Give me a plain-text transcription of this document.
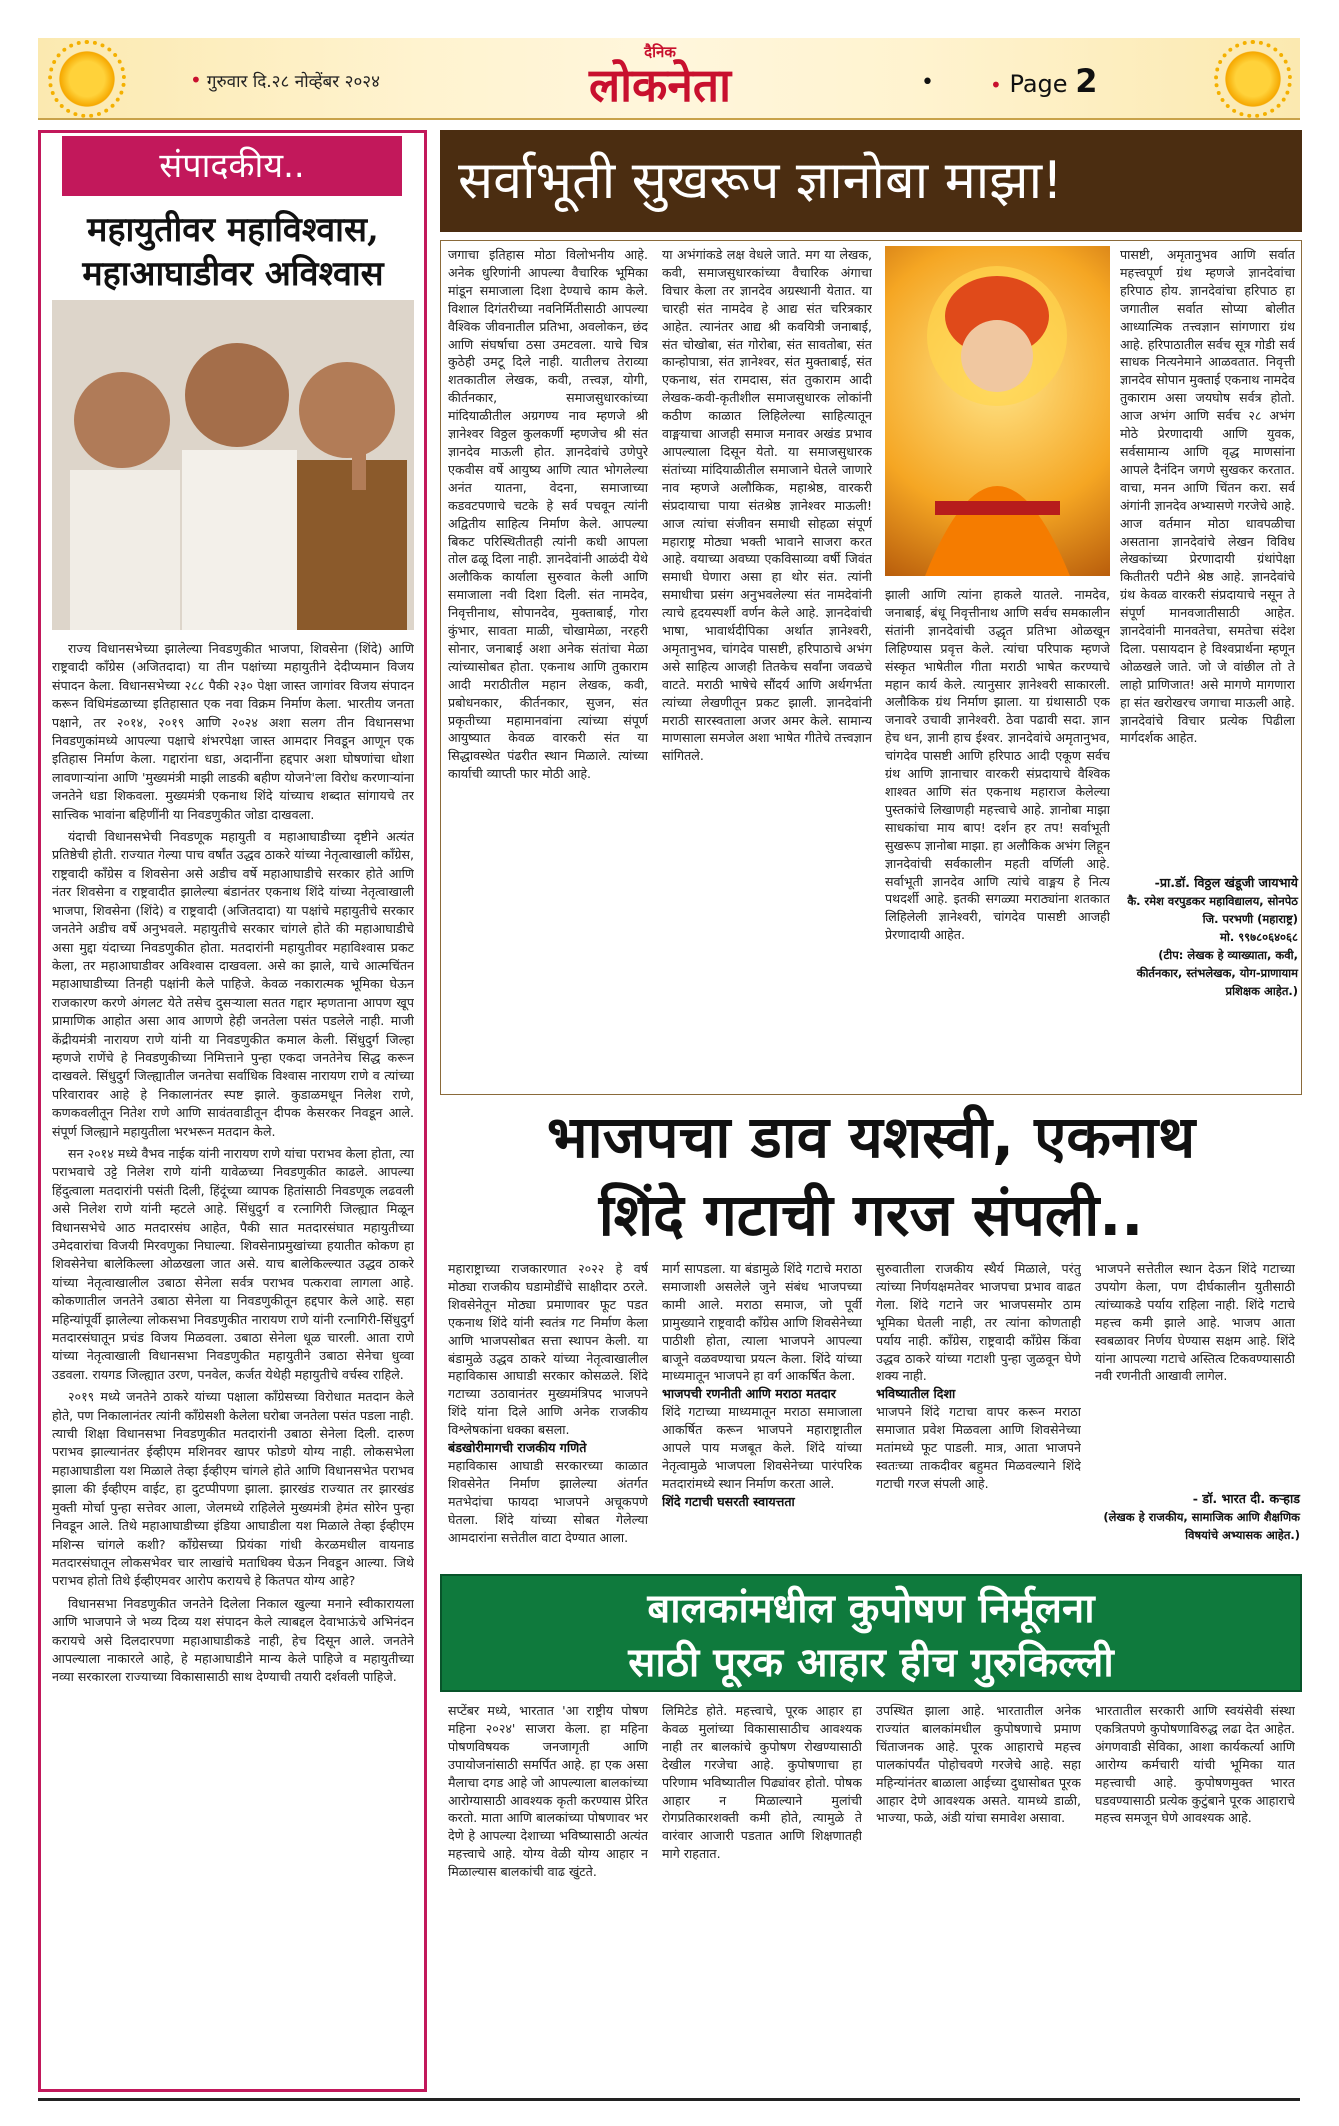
• गुरुवार दि.२८ नोव्हेंबर २०२४
दैनिक
लोकनेता	•	• Page 2
संपादकीय..
महायुतीवर महाविश्वास,
महाआघाडीवर अविश्वास

राज्य विधानसभेच्या झालेल्या निवडणुकीत भाजपा, शिवसेना (शिंदे) आणि राष्ट्रवादी काँग्रेस (अजितदादा) या तीन पक्षांच्या महायुतीने देदीप्यमान विजय संपादन केला. विधानसभेच्या २८८ पैकी २३० पेक्षा जास्त जागांवर विजय संपादन करून विधिमंडळाच्या इतिहासात एक नवा विक्रम निर्माण केला. भारतीय जनता पक्षाने, तर २०१४, २०१९ आणि २०२४ अशा सलग तीन विधानसभा निवडणुकांमध्ये आपल्या पक्षाचे शंभरपेक्षा जास्त आमदार निवडून आणून एक इतिहास निर्माण केला. गद्दारांना धडा, अदानींना हद्दपार अशा घोषणांचा धोशा लावणाऱ्यांना आणि 'मुख्यमंत्री माझी लाडकी बहीण योजने'ला विरोध करणाऱ्यांना जनतेने धडा शिकवला. मुख्यमंत्री एकनाथ शिंदे यांच्याच शब्दात सांगायचे तर सात्त्विक भावांना बहिणींनी या निवडणुकीत जोडा दाखवला.

यंदाची विधानसभेची निवडणूक महायुती व महाआघाडीच्या दृष्टीने अत्यंत प्रतिष्ठेची होती. राज्यात गेल्या पाच वर्षांत उद्धव ठाकरे यांच्या नेतृत्वाखाली काँग्रेस, राष्ट्रवादी काँग्रेस व शिवसेना असे अडीच वर्षे महाआघाडीचे सरकार होते आणि नंतर शिवसेना व राष्ट्रवादीत झालेल्या बंडानंतर एकनाथ शिंदे यांच्या नेतृत्वाखाली भाजपा, शिवसेना (शिंदे) व राष्ट्रवादी (अजितदादा) या पक्षांचे महायुतीचे सरकार जनतेने अडीच वर्षे अनुभवले. महायुतीचे सरकार चांगले होते की महाआघाडीचे असा मुद्दा यंदाच्या निवडणुकीत होता. मतदारांनी महायुतीवर महाविश्वास प्रकट केला, तर महाआघाडीवर अविश्वास दाखवला. असे का झाले, याचे आत्मचिंतन महाआघाडीच्या तिनही पक्षांनी केले पाहिजे. केवळ नकारात्मक भूमिका घेऊन राजकारण करणे अंगलट येते तसेच दुसऱ्याला सतत गद्दार म्हणताना आपण खूप प्रामाणिक आहोत असा आव आणणे हेही जनतेला पसंत पडलेले नाही. माजी केंद्रीयमंत्री नारायण राणे यांनी या निवडणुकीत कमाल केली. सिंधुदुर्ग जिल्हा म्हणजे राणेंचे हे निवडणुकीच्या निमित्ताने पुन्हा एकदा जनतेनेच सिद्ध करून दाखवले. सिंधुदुर्ग जिल्ह्यातील जनतेचा सर्वाधिक विश्वास नारायण राणे व त्यांच्या परिवारावर आहे हे निकालानंतर स्पष्ट झाले. कुडाळमधून निलेश राणे, कणकवलीतून नितेश राणे आणि सावंतवाडीतून दीपक केसरकर निवडून आले. संपूर्ण जिल्ह्याने महायुतीला भरभरून मतदान केले.

सन २०१४ मध्ये वैभव नाईक यांनी नारायण राणे यांचा पराभव केला होता, त्या पराभवाचे उट्टे निलेश राणे यांनी यावेळच्या निवडणुकीत काढले. आपल्या हिंदुत्वाला मतदारांनी पसंती दिली, हिंदूंच्या व्यापक हितांसाठी निवडणूक लढवली असे निलेश राणे यांनी म्हटले आहे. सिंधुदुर्ग व रत्नागिरी जिल्ह्यात मिळून विधानसभेचे आठ मतदारसंघ आहेत, पैकी सात मतदारसंघात महायुतीच्या उमेदवारांचा विजयी मिरवणुका निघाल्या. शिवसेनाप्रमुखांच्या हयातीत कोकण हा शिवसेनेचा बालेकिल्ला ओळखला जात असे. याच बालेकिल्ल्यात उद्धव ठाकरे यांच्या नेतृत्वाखालील उबाठा सेनेला सर्वत्र पराभव पत्करावा लागला आहे. कोकणातील जनतेने उबाठा सेनेला या निवडणुकीतून हद्दपार केले आहे. सहा महिन्यांपूर्वी झालेल्या लोकसभा निवडणुकीत नारायण राणे यांनी रत्नागिरी-सिंधुदुर्ग मतदारसंघातून प्रचंड विजय मिळवला. उबाठा सेनेला धूळ चारली. आता राणे यांच्या नेतृत्वाखाली विधानसभा निवडणुकीत महायुतीने उबाठा सेनेचा धुव्वा उडवला. रायगड जिल्ह्यात उरण, पनवेल, कर्जत येथेही महायुतीचे वर्चस्व राहिले.

२०१९ मध्ये जनतेने ठाकरे यांच्या पक्षाला काँग्रेसच्या विरोधात मतदान केले होते, पण निकालानंतर त्यांनी काँग्रेसशी केलेला घरोबा जनतेला पसंत पडला नाही. त्याची शिक्षा विधानसभा निवडणुकीत मतदारांनी उबाठा सेनेला दिली. दारुण पराभव झाल्यानंतर ईव्हीएम मशिनवर खापर फोडणे योग्य नाही. लोकसभेला महाआघाडीला यश मिळाले तेव्हा ईव्हीएम चांगले होते आणि विधानसभेत पराभव झाला की ईव्हीएम वाईट, हा दुटप्पीपणा झाला. झारखंड राज्यात तर झारखंड मुक्ती मोर्चा पुन्हा सत्तेवर आला, जेलमध्ये राहिलेले मुख्यमंत्री हेमंत सोरेन पुन्हा निवडून आले. तिथे महाआघाडीच्या इंडिया आघाडीला यश मिळाले तेव्हा ईव्हीएम मशिन्स चांगले कशी? काँग्रेसच्या प्रियंका गांधी केरळमधील वायनाड मतदारसंघातून लोकसभेवर चार लाखांचे मताधिक्य घेऊन निवडून आल्या. जिथे पराभव होतो तिथे ईव्हीएमवर आरोप करायचे हे कितपत योग्य आहे?

विधानसभा निवडणुकीत जनतेने दिलेला निकाल खुल्या मनाने स्वीकारायला आणि भाजपाने जे भव्य दिव्य यश संपादन केले त्याबद्दल देवाभाऊंचे अभिनंदन करायचे असे दिलदारपणा महाआघाडीकडे नाही, हेच दिसून आले. जनतेने आपल्याला नाकारले आहे, हे महाआघाडीने मान्य केले पाहिजे व महायुतीच्या नव्या सरकारला राज्याच्या विकासासाठी साथ देण्याची तयारी दर्शवली पाहिजे.

सर्वाभूती सुखरूप ज्ञानोबा माझा!
जगाचा इतिहास मोठा विलोभनीय आहे. अनेक धुरिणांनी आपल्या वैचारिक भूमिका मांडून समाजाला दिशा देण्याचे काम केले. विशाल दिगंतरीच्या नवनिर्मितीसाठी आपल्या वैश्विक जीवनातील प्रतिभा, अवलोकन, छंद आणि संघर्षाचा ठसा उमटवला. याचे चित्र कुठेही उमटू दिले नाही. यातीलच तेराव्या शतकातील लेखक, कवी, तत्त्वज्ञ, योगी, कीर्तनकार, समाजसुधारकांच्या मांदियाळीतील अग्रगण्य नाव म्हणजे श्री ज्ञानेश्वर विठ्ठल कुलकर्णी म्हणजेच श्री संत ज्ञानदेव माऊली होत. ज्ञानदेवांचे उणेपुरे एकवीस वर्षे आयुष्य आणि त्यात भोगलेल्या अनंत यातना, वेदना, समाजाच्या कडवटपणाचे चटके हे सर्व पचवून त्यांनी अद्वितीय साहित्य निर्माण केले. आपल्या बिकट परिस्थितीतही त्यांनी कधी आपला तोल ढळू दिला नाही. ज्ञानदेवांनी आळंदी येथे अलौकिक कार्याला सुरुवात केली आणि समाजाला नवी दिशा दिली. संत नामदेव, निवृत्तीनाथ, सोपानदेव, मुक्ताबाई, गोरा कुंभार, सावता माळी, चोखामेळा, नरहरी सोनार, जनाबाई अशा अनेक संतांचा मेळा त्यांच्यासोबत होता. एकनाथ आणि तुकाराम आदी मराठीतील महान लेखक, कवी, प्रबोधनकार, कीर्तनकार, सुजन, संत प्रकृतीच्या महामानवांना त्यांच्या संपूर्ण आयुष्यात केवळ वारकरी संत या सिद्धावस्थेत पंढरीत स्थान मिळाले. त्यांच्या कार्याची व्याप्ती फार मोठी आहे.
या अभंगांकडे लक्ष वेधले जाते. मग या लेखक, कवी, समाजसुधारकांच्या वैचारिक अंगाचा विचार केला तर ज्ञानदेव अग्रस्थानी येतात. या चारही संत नामदेव हे आद्य संत चरित्रकार आहेत. त्यानंतर आद्य श्री कवयित्री जनाबाई, संत चोखोबा, संत गोरोबा, संत सावतोबा, संत कान्होपात्रा, संत ज्ञानेश्वर, संत मुक्ताबाई, संत एकनाथ, संत रामदास, संत तुकाराम आदी लेखक-कवी-कृतीशील समाजसुधारक लोकांनी कठीण काळात लिहिलेल्या साहित्यातून वाङ्मयाचा आजही समाज मनावर अखंड प्रभाव आपल्याला दिसून येतो. या समाजसुधारक संतांच्या मांदियाळीतील समाजाने घेतले जाणारे नाव म्हणजे अलौकिक, महाश्रेष्ठ, वारकरी संप्रदायाचा पाया संतश्रेष्ठ ज्ञानेश्वर माऊली! आज त्यांचा संजीवन समाधी सोहळा संपूर्ण महाराष्ट्र मोठ्या भक्ती भावाने साजरा करत आहे. वयाच्या अवघ्या एकविसाव्या वर्षी जिवंत समाधी घेणारा असा हा थोर संत. त्यांनी समाधीचा प्रसंग अनुभवलेल्या संत नामदेवांनी त्याचे हृदयस्पर्शी वर्णन केले आहे. ज्ञानदेवांची भाषा, भावार्थदीपिका अर्थात ज्ञानेश्वरी, अमृतानुभव, चांगदेव पासष्टी, हरिपाठाचे अभंग असे साहित्य आजही तितकेच सर्वांना जवळचे वाटते. मराठी भाषेचे सौंदर्य आणि अर्थगर्भता त्यांच्या लेखणीतून प्रकट झाली. ज्ञानदेवांनी मराठी सारस्वताला अजर अमर केले. सामान्य माणसाला समजेल अशा भाषेत गीतेचे तत्त्वज्ञान सांगितले.
झाली आणि त्यांना हाकले यातले. नामदेव, जनाबाई, बंधू निवृत्तीनाथ आणि सर्वच समकालीन संतांनी ज्ञानदेवांची उद्धृत प्रतिभा ओळखून लिहिण्यास प्रवृत्त केले. त्यांचा परिपाक म्हणजे संस्कृत भाषेतील गीता मराठी भाषेत करण्याचे महान कार्य केले. त्यानुसार ज्ञानेश्वरी साकारली. अलौकिक ग्रंथ निर्माण झाला. या ग्रंथासाठी एक जनावरे उचावी ज्ञानेश्वरी. ठेवा पढावी सदा. ज्ञान हेच धन, ज्ञानी हाच ईश्वर. ज्ञानदेवांचे अमृतानुभव, चांगदेव पासष्टी आणि हरिपाठ आदी एकूण सर्वच ग्रंथ आणि ज्ञानाचार वारकरी संप्रदायाचे वैश्विक शाश्वत आणि संत एकनाथ महाराज केलेल्या पुस्तकांचे लिखाणही महत्त्वाचे आहे. ज्ञानोबा माझा साधकांचा माय बाप! दर्शन हर तप! सर्वाभूती सुखरूप ज्ञानोबा माझा. हा अलौकिक अभंग लिहून ज्ञानदेवांची सर्वकालीन महती वर्णिली आहे. सर्वाभूती ज्ञानदेव आणि त्यांचे वाङ्मय हे नित्य पथदर्शी आहे. इतकी सगळ्या मराठ्यांना शतकात लिहिलेली ज्ञानेश्वरी, चांगदेव पासष्टी आजही प्रेरणादायी आहेत.
पासष्टी, अमृतानुभव आणि सर्वात महत्त्वपूर्ण ग्रंथ म्हणजे ज्ञानदेवांचा हरिपाठ होय. ज्ञानदेवांचा हरिपाठ हा जगातील सर्वात सोप्या बोलीत आध्यात्मिक तत्त्वज्ञान सांगणारा ग्रंथ आहे. हरिपाठातील सर्वच सूत्र गोडी सर्व साधक नित्यनेमाने आळवतात. निवृत्ती ज्ञानदेव सोपान मुक्ताई एकनाथ नामदेव तुकाराम असा जयघोष सर्वत्र होतो. आज अभंग आणि सर्वच २८ अभंग मोठे प्रेरणादायी आणि युवक, सर्वसामान्य आणि वृद्ध माणसांना आपले दैनंदिन जगणे सुखकर करतात. वाचा, मनन आणि चिंतन करा. सर्व अंगांनी ज्ञानदेव अभ्यासणे गरजेचे आहे. आज वर्तमान मोठा धावपळीचा असताना ज्ञानदेवांचे लेखन विविध लेखकांच्या प्रेरणादायी ग्रंथांपेक्षा कितीतरी पटीने श्रेष्ठ आहे. ज्ञानदेवांचे ग्रंथ केवळ वारकरी संप्रदायाचे नसून ते संपूर्ण मानवजातीसाठी आहेत. ज्ञानदेवांनी मानवतेचा, समतेचा संदेश दिला. पसायदान हे विश्वप्रार्थना म्हणून ओळखले जाते. जो जे वांछील तो ते लाहो प्राणिजात! असे मागणे मागणारा हा संत खरोखरच जगाचा माऊली आहे. ज्ञानदेवांचे विचार प्रत्येक पिढीला मार्गदर्शक आहेत.
-प्रा.डॉ. विठ्ठल खंडूजी जायभाये
कै. रमेश वरपुडकर महाविद्यालय, सोनपेठ जि. परभणी (महाराष्ट्र)
मो. ९९७८०६४०६८
(टीप: लेखक हे व्याख्याता, कवी, कीर्तनकार, स्तंभलेखक, योग-प्राणायाम प्रशिक्षक आहेत.)
भाजपचा डाव यशस्वी, एकनाथ
शिंदे गटाची गरज संपली..
महाराष्ट्राच्या राजकारणात २०२२ हे वर्ष मोठ्या राजकीय घडामोडींचे साक्षीदार ठरले. शिवसेनेतून मोठ्या प्रमाणावर फूट पडत एकनाथ शिंदे यांनी स्वतंत्र गट निर्माण केला आणि भाजपसोबत सत्ता स्थापन केली. या बंडामुळे उद्धव ठाकरे यांच्या नेतृत्वाखालील महाविकास आघाडी सरकार कोसळले. शिंदे गटाच्या उठावानंतर मुख्यमंत्रिपद भाजपने शिंदे यांना दिले आणि अनेक राजकीय विश्लेषकांना धक्का बसला.
बंडखोरीमागची राजकीय गणिते
महाविकास आघाडी सरकारच्या काळात शिवसेनेत निर्माण झालेल्या अंतर्गत मतभेदांचा फायदा भाजपने अचूकपणे घेतला. शिंदे यांच्या सोबत गेलेल्या आमदारांना सत्तेतील वाटा देण्यात आला.
मार्ग सापडला. या बंडामुळे शिंदे गटाचे मराठा समाजाशी असलेले जुने संबंध भाजपच्या कामी आले. मराठा समाज, जो पूर्वी प्रामुख्याने राष्ट्रवादी काँग्रेस आणि शिवसेनेच्या पाठीशी होता, त्याला भाजपने आपल्या बाजूने वळवण्याचा प्रयत्न केला. शिंदे यांच्या माध्यमातून भाजपने हा वर्ग आकर्षित केला.
भाजपची रणनीती आणि मराठा मतदार
शिंदे गटाच्या माध्यमातून मराठा समाजाला आकर्षित करून भाजपने महाराष्ट्रातील आपले पाय मजबूत केले. शिंदे यांच्या नेतृत्वामुळे भाजपला शिवसेनेच्या पारंपरिक मतदारांमध्ये स्थान निर्माण करता आले.
शिंदे गटाची घसरती स्वायत्तता
सुरुवातीला राजकीय स्थैर्य मिळाले, परंतु त्यांच्या निर्णयक्षमतेवर भाजपचा प्रभाव वाढत गेला. शिंदे गटाने जर भाजपसमोर ठाम भूमिका घेतली नाही, तर त्यांना कोणताही पर्याय नाही. काँग्रेस, राष्ट्रवादी काँग्रेस किंवा उद्धव ठाकरे यांच्या गटाशी पुन्हा जुळवून घेणे शक्य नाही.
भविष्यातील दिशा
भाजपने शिंदे गटाचा वापर करून मराठा समाजात प्रवेश मिळवला आणि शिवसेनेच्या मतांमध्ये फूट पाडली. मात्र, आता भाजपने स्वतःच्या ताकदीवर बहुमत मिळवल्याने शिंदे गटाची गरज संपली आहे.
भाजपने सत्तेतील स्थान देऊन शिंदे गटाच्या उपयोग केला, पण दीर्घकालीन युतीसाठी त्यांच्याकडे पर्याय राहिला नाही. शिंदे गटाचे महत्त्व कमी झाले आहे. भाजप आता स्वबळावर निर्णय घेण्यास सक्षम आहे. शिंदे यांना आपल्या गटाचे अस्तित्व टिकवण्यासाठी नवी रणनीती आखावी लागेल.
- डॉ. भारत दी. कऱ्हाड
(लेखक हे राजकीय, सामाजिक आणि शैक्षणिक विषयांचे अभ्यासक आहेत.)
बालकांमधील कुपोषण निर्मूलना
साठी पूरक आहार हीच गुरुकिल्ली
सप्टेंबर मध्ये, भारतात 'आ राष्ट्रीय पोषण महिना २०२४' साजरा केला. हा महिना पोषणविषयक जनजागृती आणि उपायोजनांसाठी समर्पित आहे. हा एक असा मैलाचा दगड आहे जो आपल्याला बालकांच्या आरोग्यासाठी आवश्यक कृती करण्यास प्रेरित करतो. माता आणि बालकांच्या पोषणावर भर देणे हे आपल्या देशाच्या भविष्यासाठी अत्यंत महत्त्वाचे आहे. योग्य वेळी योग्य आहार न मिळाल्यास बालकांची वाढ खुंटते.
लिमिटेड होते. महत्त्वाचे, पूरक आहार हा केवळ मुलांच्या विकासासाठीच आवश्यक नाही तर बालकांचे कुपोषण रोखण्यासाठी देखील गरजेचा आहे. कुपोषणाचा हा परिणाम भविष्यातील पिढ्यांवर होतो. पोषक आहार न मिळाल्याने मुलांची रोगप्रतिकारशक्ती कमी होते, त्यामुळे ते वारंवार आजारी पडतात आणि शिक्षणातही मागे राहतात.
उपस्थित झाला आहे. भारतातील अनेक राज्यांत बालकांमधील कुपोषणाचे प्रमाण चिंताजनक आहे. पूरक आहाराचे महत्त्व पालकांपर्यंत पोहोचवणे गरजेचे आहे. सहा महिन्यांनंतर बाळाला आईच्या दुधासोबत पूरक आहार देणे आवश्यक असते. यामध्ये डाळी, भाज्या, फळे, अंडी यांचा समावेश असावा.
भारतातील सरकारी आणि स्वयंसेवी संस्था एकत्रितपणे कुपोषणाविरुद्ध लढा देत आहेत. अंगणवाडी सेविका, आशा कार्यकर्त्या आणि आरोग्य कर्मचारी यांची भूमिका यात महत्त्वाची आहे. कुपोषणमुक्त भारत घडवण्यासाठी प्रत्येक कुटुंबाने पूरक आहाराचे महत्त्व समजून घेणे आवश्यक आहे.
